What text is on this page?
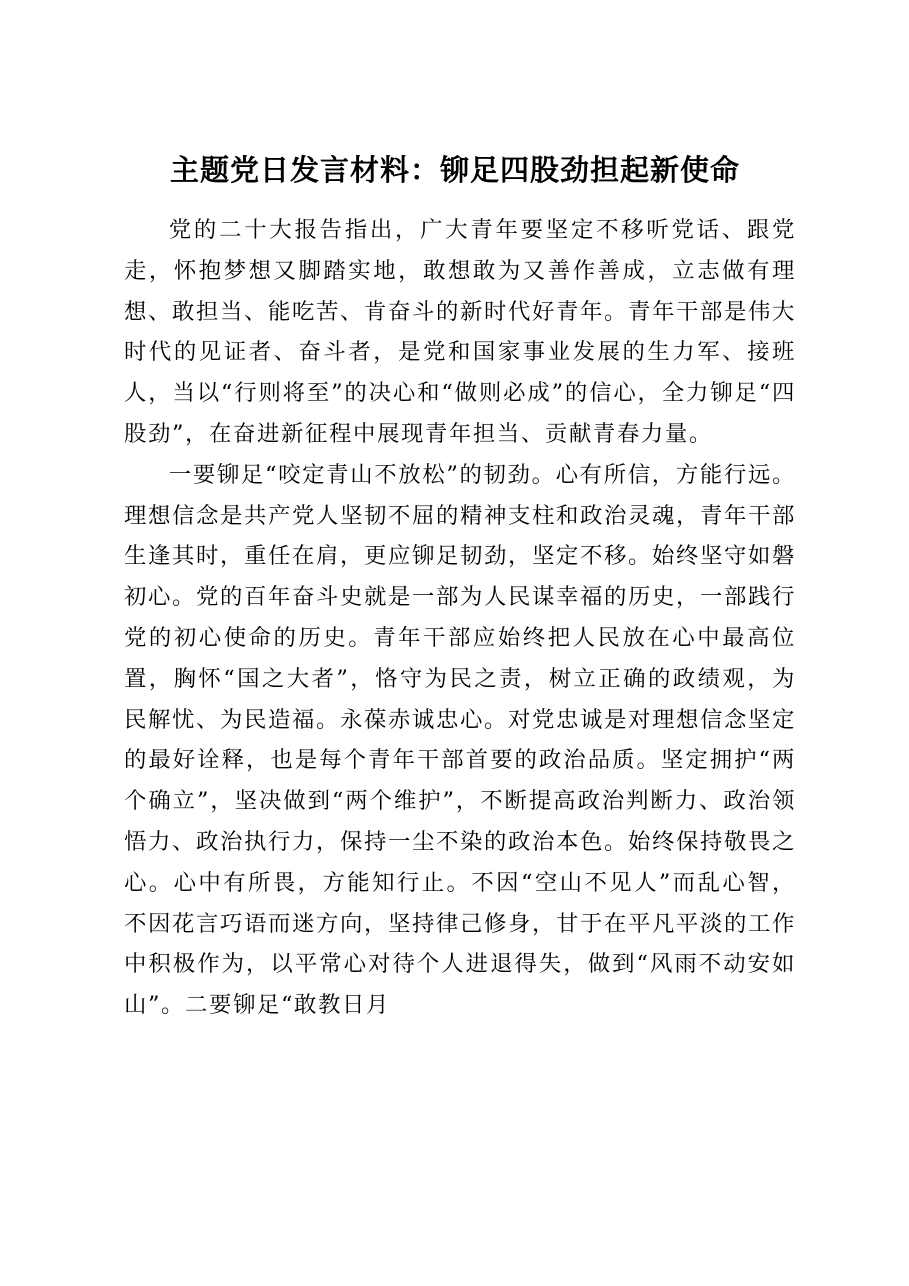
主题党日发言材料：铆足四股劲担起新使命

党的二十大报告指出，广大青年要坚定不移听党话、跟党走，怀抱梦想又脚踏实地，敢想敢为又善作善成，立志做有理想、敢担当、能吃苦、肯奋斗的新时代好青年。青年干部是伟大时代的见证者、奋斗者，是党和国家事业发展的生力军、接班人，当以“行则将至”的决心和“做则必成”的信心，全力铆足“四股劲”，在奋进新征程中展现青年担当、贡献青春力量。

一要铆足“咬定青山不放松”的韧劲。心有所信，方能行远。理想信念是共产党人坚韧不屈的精神支柱和政治灵魂，青年干部生逢其时，重任在肩，更应铆足韧劲，坚定不移。始终坚守如磐初心。党的百年奋斗史就是一部为人民谋幸福的历史，一部践行党的初心使命的历史。青年干部应始终把人民放在心中最高位置，胸怀“国之大者”，恪守为民之责，树立正确的政绩观，为民解忧、为民造福。永葆赤诚忠心。对党忠诚是对理想信念坚定的最好诠释，也是每个青年干部首要的政治品质。坚定拥护“两个确立”，坚决做到“两个维护”，不断提高政治判断力、政治领悟力、政治执行力，保持一尘不染的政治本色。始终保持敬畏之心。心中有所畏，方能知行止。不因“空山不见人”而乱心智，不因花言巧语而迷方向，坚持律己修身，甘于在平凡平淡的工作中积极作为，以平常心对待个人进退得失，做到“风雨不动安如山”。二要铆足“敢教日月
